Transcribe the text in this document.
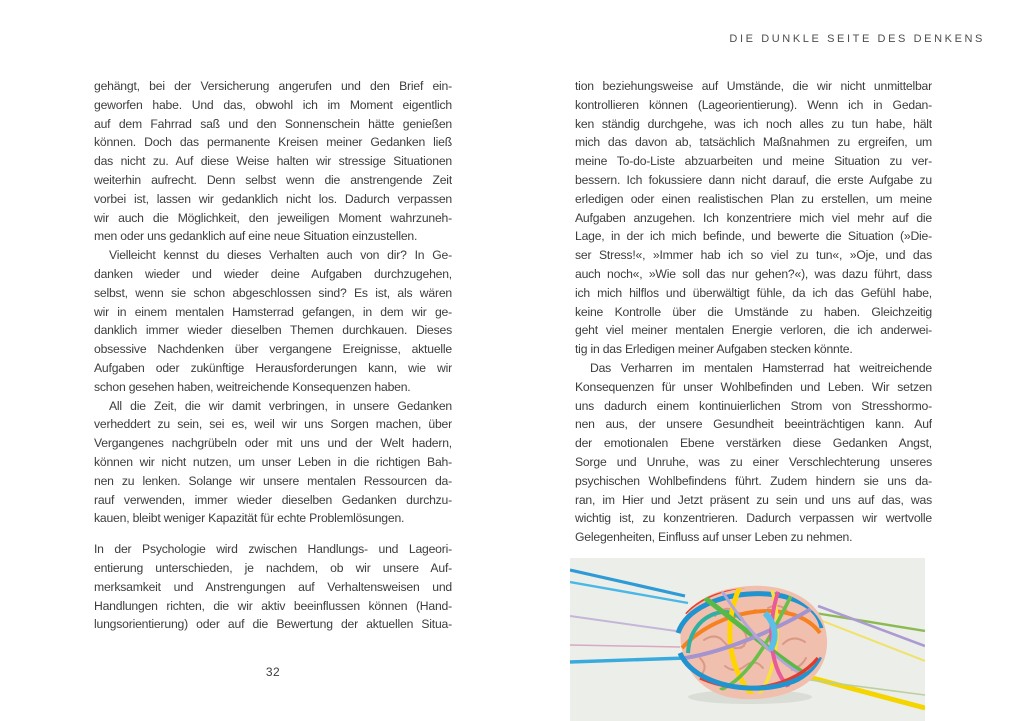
DIE DUNKLE SEITE DES DENKENS
gehängt, bei der Versicherung angerufen und den Brief ein-
geworfen habe. Und das, obwohl ich im Moment eigentlich
auf dem Fahrrad saß und den Sonnenschein hätte genießen
können. Doch das permanente Kreisen meiner Gedanken ließ
das nicht zu. Auf diese Weise halten wir stressige Situationen
weiterhin aufrecht. Denn selbst wenn die anstrengende Zeit
vorbei ist, lassen wir gedanklich nicht los. Dadurch verpassen
wir auch die Möglichkeit, den jeweiligen Moment wahrzuneh-
men oder uns gedanklich auf eine neue Situation einzustellen.
Vielleicht kennst du dieses Verhalten auch von dir? In Ge-
danken wieder und wieder deine Aufgaben durchzugehen,
selbst, wenn sie schon abgeschlossen sind? Es ist, als wären
wir in einem mentalen Hamsterrad gefangen, in dem wir ge-
danklich immer wieder dieselben Themen durchkauen. Dieses
obsessive Nachdenken über vergangene Ereignisse, aktuelle
Aufgaben oder zukünftige Herausforderungen kann, wie wir
schon gesehen haben, weitreichende Konsequenzen haben.
All die Zeit, die wir damit verbringen, in unsere Gedanken
verheddert zu sein, sei es, weil wir uns Sorgen machen, über
Vergangenes nachgrübeln oder mit uns und der Welt hadern,
können wir nicht nutzen, um unser Leben in die richtigen Bah-
nen zu lenken. Solange wir unsere mentalen Ressourcen da-
rauf verwenden, immer wieder dieselben Gedanken durchzu-
kauen, bleibt weniger Kapazität für echte Problemlösungen.
In der Psychologie wird zwischen Handlungs- und Lageori-
entierung unterschieden, je nachdem, ob wir unsere Auf-
merksamkeit und Anstrengungen auf Verhaltensweisen und
Handlungen richten, die wir aktiv beeinflussen können (Hand-
lungsorientierung) oder auf die Bewertung der aktuellen Situa-
32
tion beziehungsweise auf Umstände, die wir nicht unmittelbar
kontrollieren können (Lageorientierung). Wenn ich in Gedan-
ken ständig durchgehe, was ich noch alles zu tun habe, hält
mich das davon ab, tatsächlich Maßnahmen zu ergreifen, um
meine To-do-Liste abzuarbeiten und meine Situation zu ver-
bessern. Ich fokussiere dann nicht darauf, die erste Aufgabe zu
erledigen oder einen realistischen Plan zu erstellen, um meine
Aufgaben anzugehen. Ich konzentriere mich viel mehr auf die
Lage, in der ich mich befinde, und bewerte die Situation (»Die-
ser Stress!«, »Immer hab ich so viel zu tun«, »Oje, und das
auch noch«, »Wie soll das nur gehen?«), was dazu führt, dass
ich mich hilflos und überwältigt fühle, da ich das Gefühl habe,
keine Kontrolle über die Umstände zu haben. Gleichzeitig
geht viel meiner mentalen Energie verloren, die ich anderwei-
tig in das Erledigen meiner Aufgaben stecken könnte.
Das Verharren im mentalen Hamsterrad hat weitreichende
Konsequenzen für unser Wohlbefinden und Leben. Wir setzen
uns dadurch einem kontinuierlichen Strom von Stresshormo-
nen aus, der unsere Gesundheit beeinträchtigen kann. Auf
der emotionalen Ebene verstärken diese Gedanken Angst,
Sorge und Unruhe, was zu einer Verschlechterung unseres
psychischen Wohlbefindens führt. Zudem hindern sie uns da-
ran, im Hier und Jetzt präsent zu sein und uns auf das, was
wichtig ist, zu konzentrieren. Dadurch verpassen wir wertvolle
Gelegenheiten, Einfluss auf unser Leben zu nehmen.
